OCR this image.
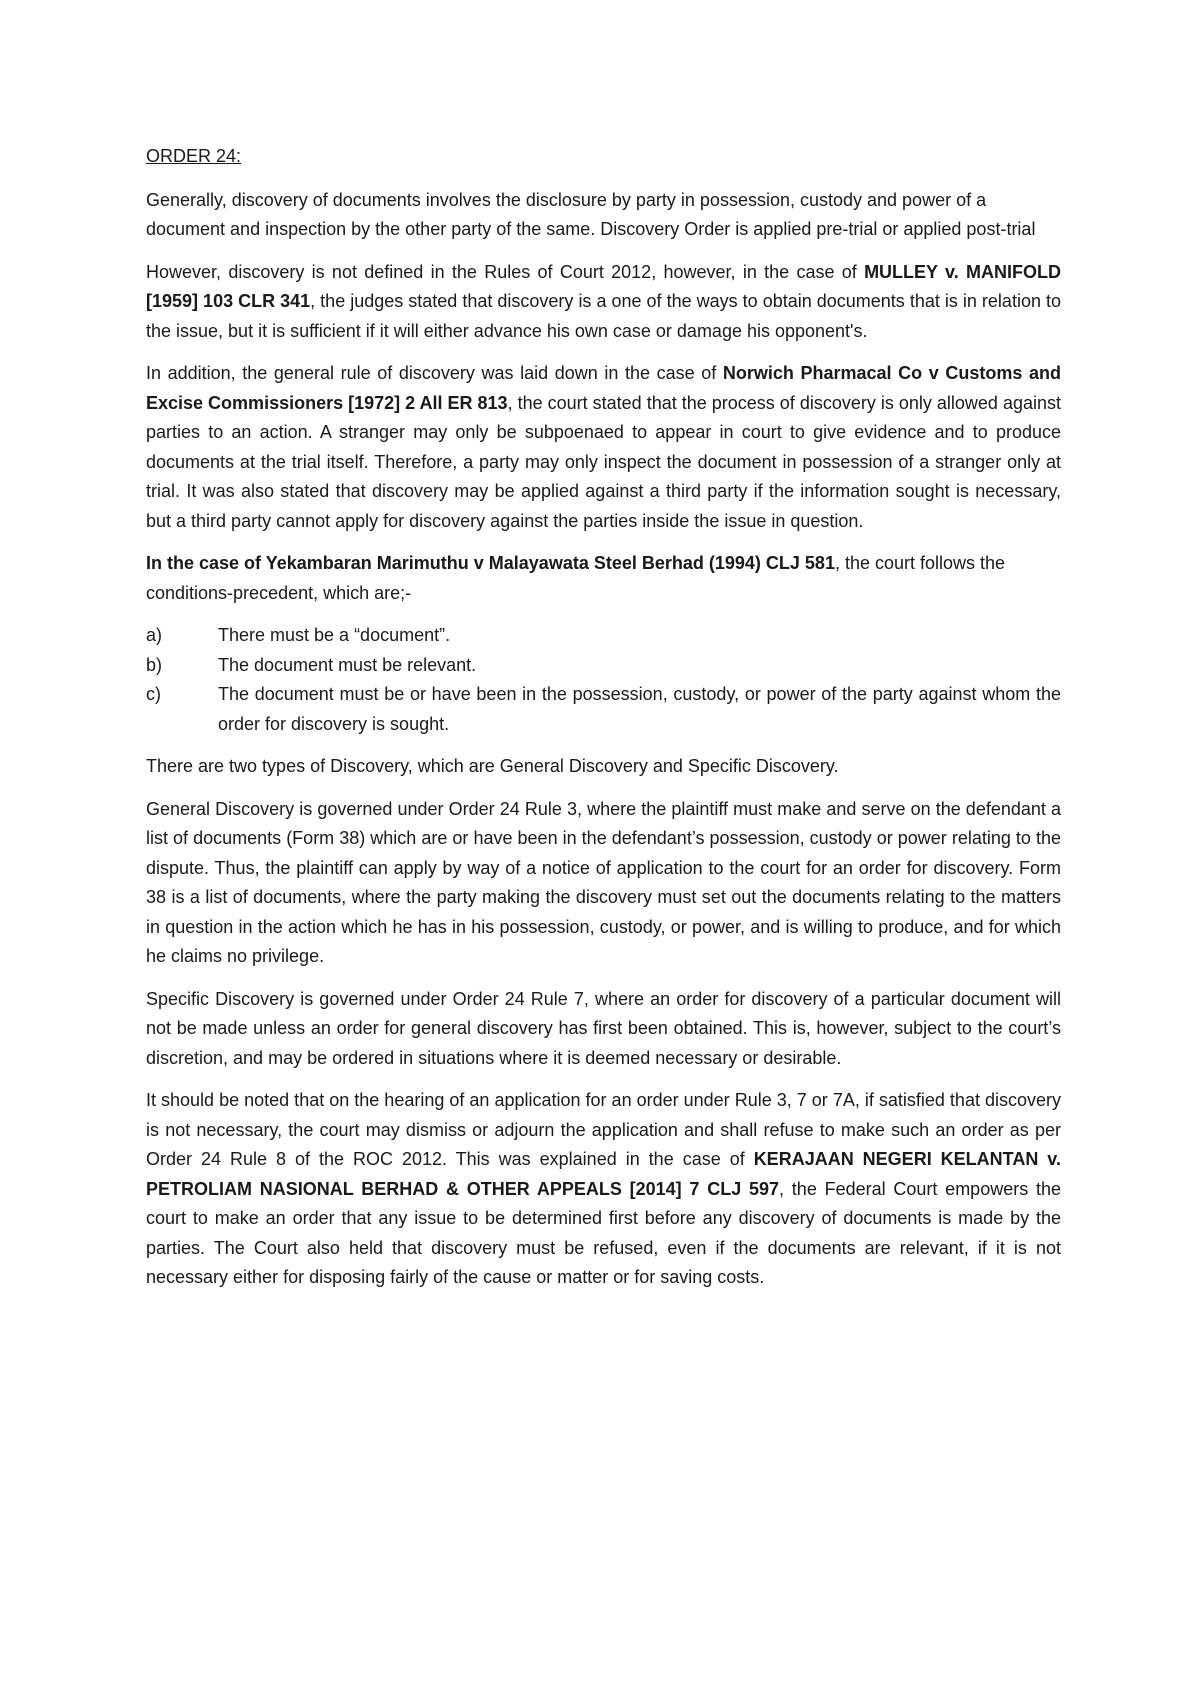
ORDER 24:

Generally, discovery of documents involves the disclosure by party in possession, custody and power of a document and inspection by the other party of the same. Discovery Order is applied pre-trial or applied post-trial

However, discovery is not defined in the Rules of Court 2012, however, in the case of MULLEY v. MANIFOLD [1959] 103 CLR 341, the judges stated that discovery is a one of the ways to obtain documents that is in relation to the issue, but it is sufficient if it will either advance his own case or damage his opponent's.

In addition, the general rule of discovery was laid down in the case of Norwich Pharmacal Co v Customs and Excise Commissioners [1972] 2 All ER 813, the court stated that the process of discovery is only allowed against parties to an action. A stranger may only be subpoenaed to appear in court to give evidence and to produce documents at the trial itself. Therefore, a party may only inspect the document in possession of a stranger only at trial. It was also stated that discovery may be applied against a third party if the information sought is necessary, but a third party cannot apply for discovery against the parties inside the issue in question.

In the case of Yekambaran Marimuthu v Malayawata Steel Berhad (1994) CLJ 581, the court follows the conditions-precedent, which are;-

a)	There must be a “document”.
b)	The document must be relevant.
c)	The document must be or have been in the possession, custody, or power of the party against whom the order for discovery is sought.

There are two types of Discovery, which are General Discovery and Specific Discovery.

General Discovery is governed under Order 24 Rule 3, where the plaintiff must make and serve on the defendant a list of documents (Form 38) which are or have been in the defendant’s possession, custody or power relating to the dispute. Thus, the plaintiff can apply by way of a notice of application to the court for an order for discovery. Form 38 is a list of documents, where the party making the discovery must set out the documents relating to the matters in question in the action which he has in his possession, custody, or power, and is willing to produce, and for which he claims no privilege.

Specific Discovery is governed under Order 24 Rule 7, where an order for discovery of a particular document will not be made unless an order for general discovery has first been obtained. This is, however, subject to the court’s discretion, and may be ordered in situations where it is deemed necessary or desirable.

It should be noted that on the hearing of an application for an order under Rule 3, 7 or 7A, if satisfied that discovery is not necessary, the court may dismiss or adjourn the application and shall refuse to make such an order as per Order 24 Rule 8 of the ROC 2012. This was explained in the case of KERAJAAN NEGERI KELANTAN v. PETROLIAM NASIONAL BERHAD & OTHER APPEALS [2014] 7 CLJ 597, the Federal Court empowers the court to make an order that any issue to be determined first before any discovery of documents is made by the parties. The Court also held that discovery must be refused, even if the documents are relevant, if it is not necessary either for disposing fairly of the cause or matter or for saving costs.
